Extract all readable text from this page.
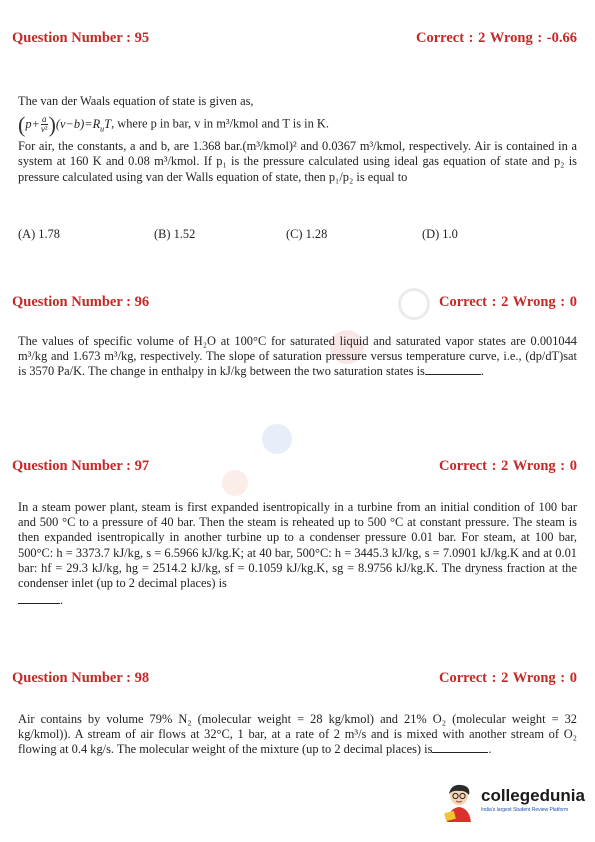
Question Number : 95	Correct : 2 Wrong : -0.66

The van der Waals equation of state is given as,

$(p+ \frac{a}{\text{v²}} )(v-b)=R_uT$, where p in bar, v in m³/kmol and T is in K.

For air, the constants, a and b, are 1.368 bar.(m³/kmol)² and 0.0367 m³/kmol, respectively. Air is contained in a system at 160 K and 0.08 m³/kmol. If p₁ is the pressure calculated using ideal gas equation of state and p₂ is pressure calculated using van der Walls equation of state, then p₁/p₂ is equal to

(A) 1.78	(B) 1.52	(C) 1.28	(D) 1.0
Question Number : 96	Correct : 2 Wrong : 0
The values of specific volume of H₂O at 100°C for saturated liquid and saturated vapor states are 0.001044 m³/kg and 1.673 m³/kg, respectively. The slope of saturation pressure versus temperature curve, i.e., (dp/dT)sat is 3570 Pa/K. The change in enthalpy in kJ/kg between the two saturation states is	.
Question Number : 97	Correct : 2 Wrong : 0
In a steam power plant, steam is first expanded isentropically in a turbine from an initial condition of 100 bar and 500 °C to a pressure of 40 bar. Then the steam is reheated up to 500 °C at constant pressure. The steam is then expanded isentropically in another turbine up to a condenser pressure 0.01 bar. For steam, at 100 bar, 500°C: h = 3373.7 kJ/kg, s = 6.5966 kJ/kg.K; at 40 bar, 500°C: h = 3445.3 kJ/kg, s = 7.0901 kJ/kg.K and at 0.01 bar: hf = 29.3 kJ/kg, hg = 2514.2 kJ/kg, sf = 0.1059 kJ/kg.K, sg = 8.9756 kJ/kg.K. The dryness fraction at the condenser inlet (up to 2 decimal places) is
.
Question Number : 98	Correct : 2 Wrong : 0
Air contains by volume 79% N₂ (molecular weight = 28 kg/kmol) and 21% O₂ (molecular weight = 32 kg/kmol)). A stream of air flows at 32°C, 1 bar, at a rate of 2 m³/s and is mixed with another stream of O₂ flowing at 0.4 kg/s. The molecular weight of the mixture (up to 2 decimal places) is	.
collegedunia
India's largest Student Review Platform
